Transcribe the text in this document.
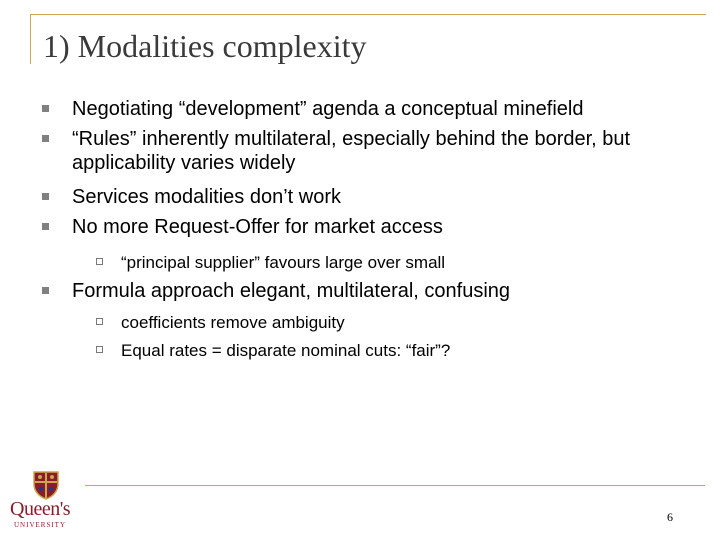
1) Modalities complexity
Negotiating “development” agenda a conceptual minefield
“Rules” inherently multilateral, especially behind the border, but applicability varies widely
Services modalities don’t work
No more Request-Offer for market access
“principal supplier” favours large over small
Formula approach elegant, multilateral, confusing
coefficients remove ambiguity
Equal rates = disparate nominal cuts: “fair”?
Queen's
UNIVERSITY
6
